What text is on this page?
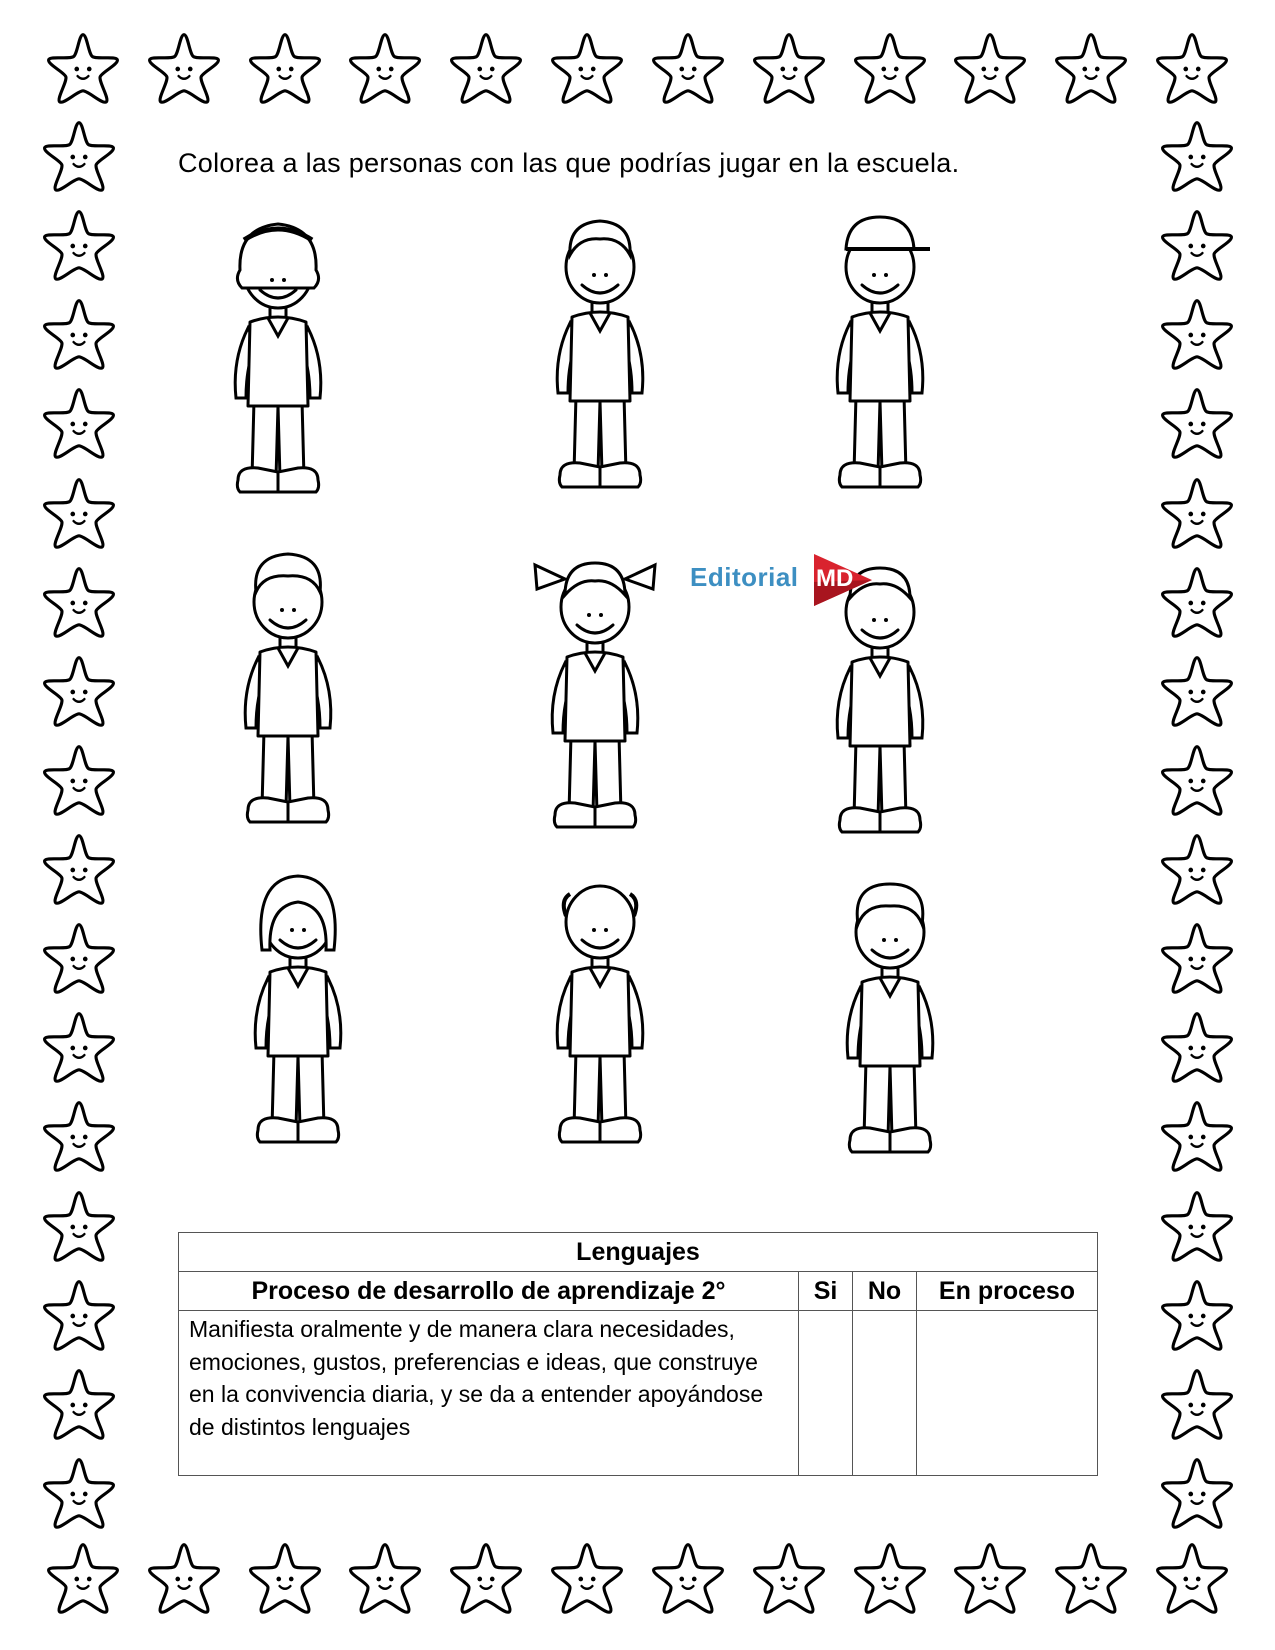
Colorea a las personas con las que podrías jugar en la escuela.
Editorial MD
Lenguajes			
Proceso de desarrollo de aprendizaje 2°	Si	No	En proceso
Manifiesta oralmente y de manera clara necesidades, emociones, gustos, preferencias e ideas, que construye en la convivencia diaria, y se da a entender apoyándose de distintos lenguajes			
